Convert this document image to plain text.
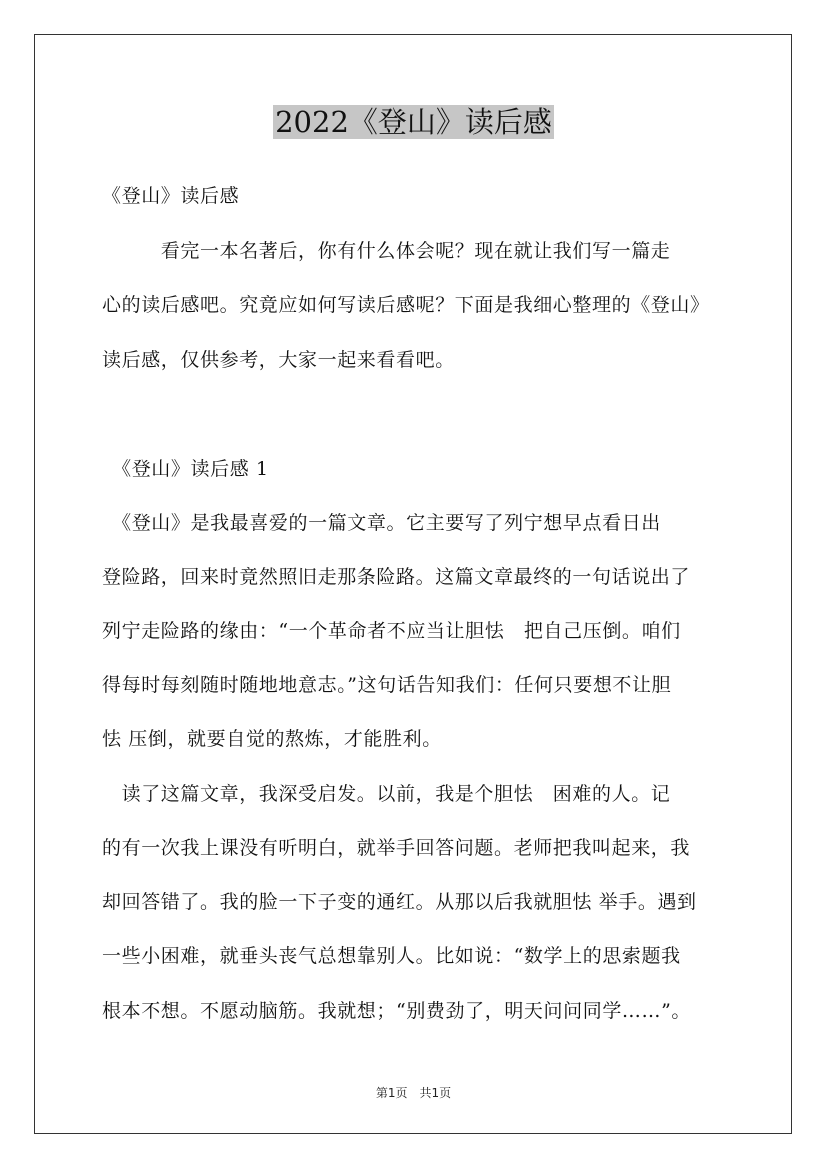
2022《登山》读后感
《登山》读后感
　　　看完一本名著后，你有什么体会呢？现在就让我们写一篇走
心的读后感吧。究竟应如何写读后感呢？下面是我细心整理的《登山》
读后感，仅供参考，大家一起来看看吧。
　《登山》读后感 1
　《登山》是我最喜爱的一篇文章。它主要写了列宁想早点看日出
登险路，回来时竟然照旧走那条险路。这篇文章最终的一句话说出了
列宁走险路的缘由：“一个革命者不应当让胆怯　把自己压倒。咱们
得每时每刻随时随地地意志。”这句话告知我们：任何只要想不让胆
怯 压倒，就要自觉的熬炼，才能胜利。
　读了这篇文章，我深受启发。以前，我是个胆怯　困难的人。记
的有一次我上课没有听明白，就举手回答问题。老师把我叫起来，我
却回答错了。我的脸一下子变的通红。从那以后我就胆怯 举手。遇到
一些小困难，就垂头丧气总想靠别人。比如说：“数学上的思索题我
根本不想。不愿动脑筋。我就想；“别费劲了，明天问问同学……”。
第1页　共1页
